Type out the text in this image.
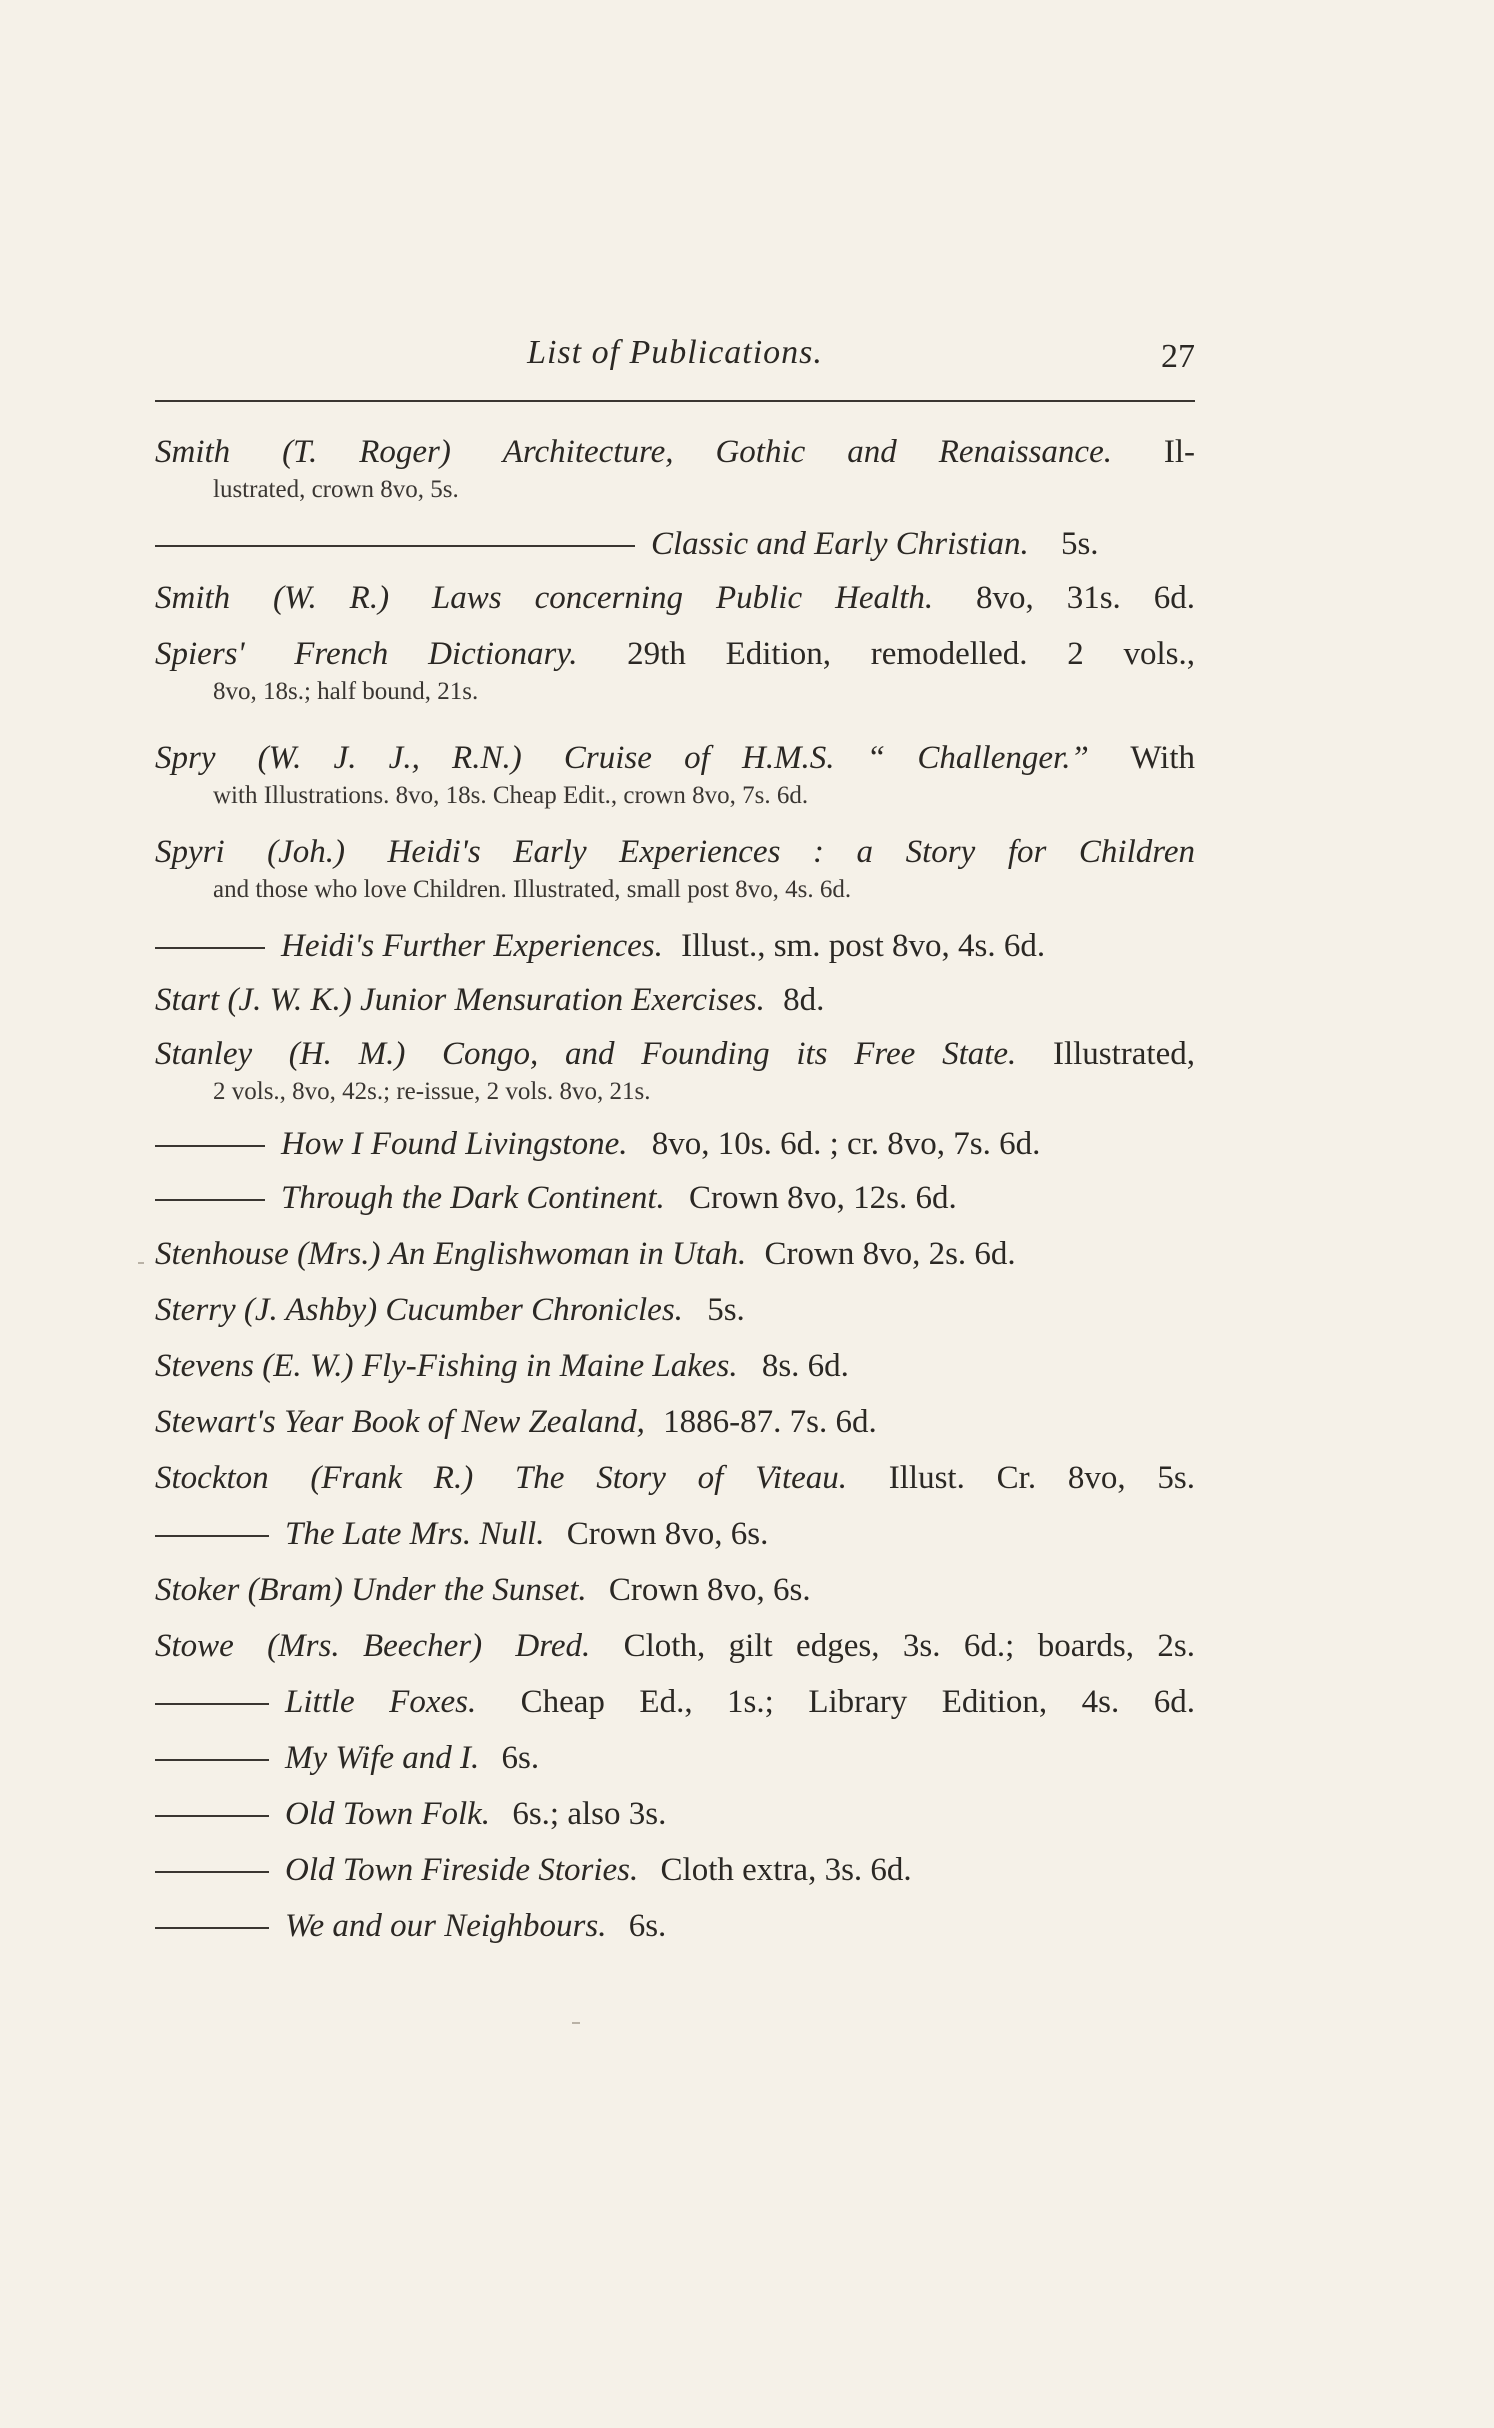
List of Publications.	27
Smith (T. Roger) Architecture, Gothic and Renaissance. Il-
lustrated, crown 8vo, 5s.
Classic and Early Christian. 5s.
Smith (W. R.) Laws concerning Public Health. 8vo, 31s. 6d.
Spiers' French Dictionary. 29th Edition, remodelled. 2 vols.,
8vo, 18s.; half bound, 21s.
Spry (W. J. J., R.N.) Cruise of H.M.S. “ Challenger.” With
with Illustrations. 8vo, 18s. Cheap Edit., crown 8vo, 7s. 6d.
Spyri (Joh.) Heidi's Early Experiences : a Story for Children
and those who love Children. Illustrated, small post 8vo, 4s. 6d.
Heidi's Further Experiences. Illust., sm. post 8vo, 4s. 6d.
Start (J. W. K.) Junior Mensuration Exercises. 8d.
Stanley (H. M.) Congo, and Founding its Free State. Illustrated,
2 vols., 8vo, 42s.; re-issue, 2 vols. 8vo, 21s.
How I Found Livingstone. 8vo, 10s. 6d. ; cr. 8vo, 7s. 6d.
Through the Dark Continent. Crown 8vo, 12s. 6d.
Stenhouse (Mrs.) An Englishwoman in Utah. Crown 8vo, 2s. 6d.
Sterry (J. Ashby) Cucumber Chronicles. 5s.
Stevens (E. W.) Fly-Fishing in Maine Lakes. 8s. 6d.
Stewart's Year Book of New Zealand, 1886-87. 7s. 6d.
Stockton (Frank R.) The Story of Viteau. Illust. Cr. 8vo, 5s.
The Late Mrs. Null. Crown 8vo, 6s.
Stoker (Bram) Under the Sunset. Crown 8vo, 6s.
Stowe (Mrs. Beecher) Dred. Cloth, gilt edges, 3s. 6d.; boards, 2s.
Little Foxes. Cheap Ed., 1s.; Library Edition, 4s. 6d.
My Wife and I. 6s.
Old Town Folk. 6s.; also 3s.
Old Town Fireside Stories. Cloth extra, 3s. 6d.
We and our Neighbours. 6s.
